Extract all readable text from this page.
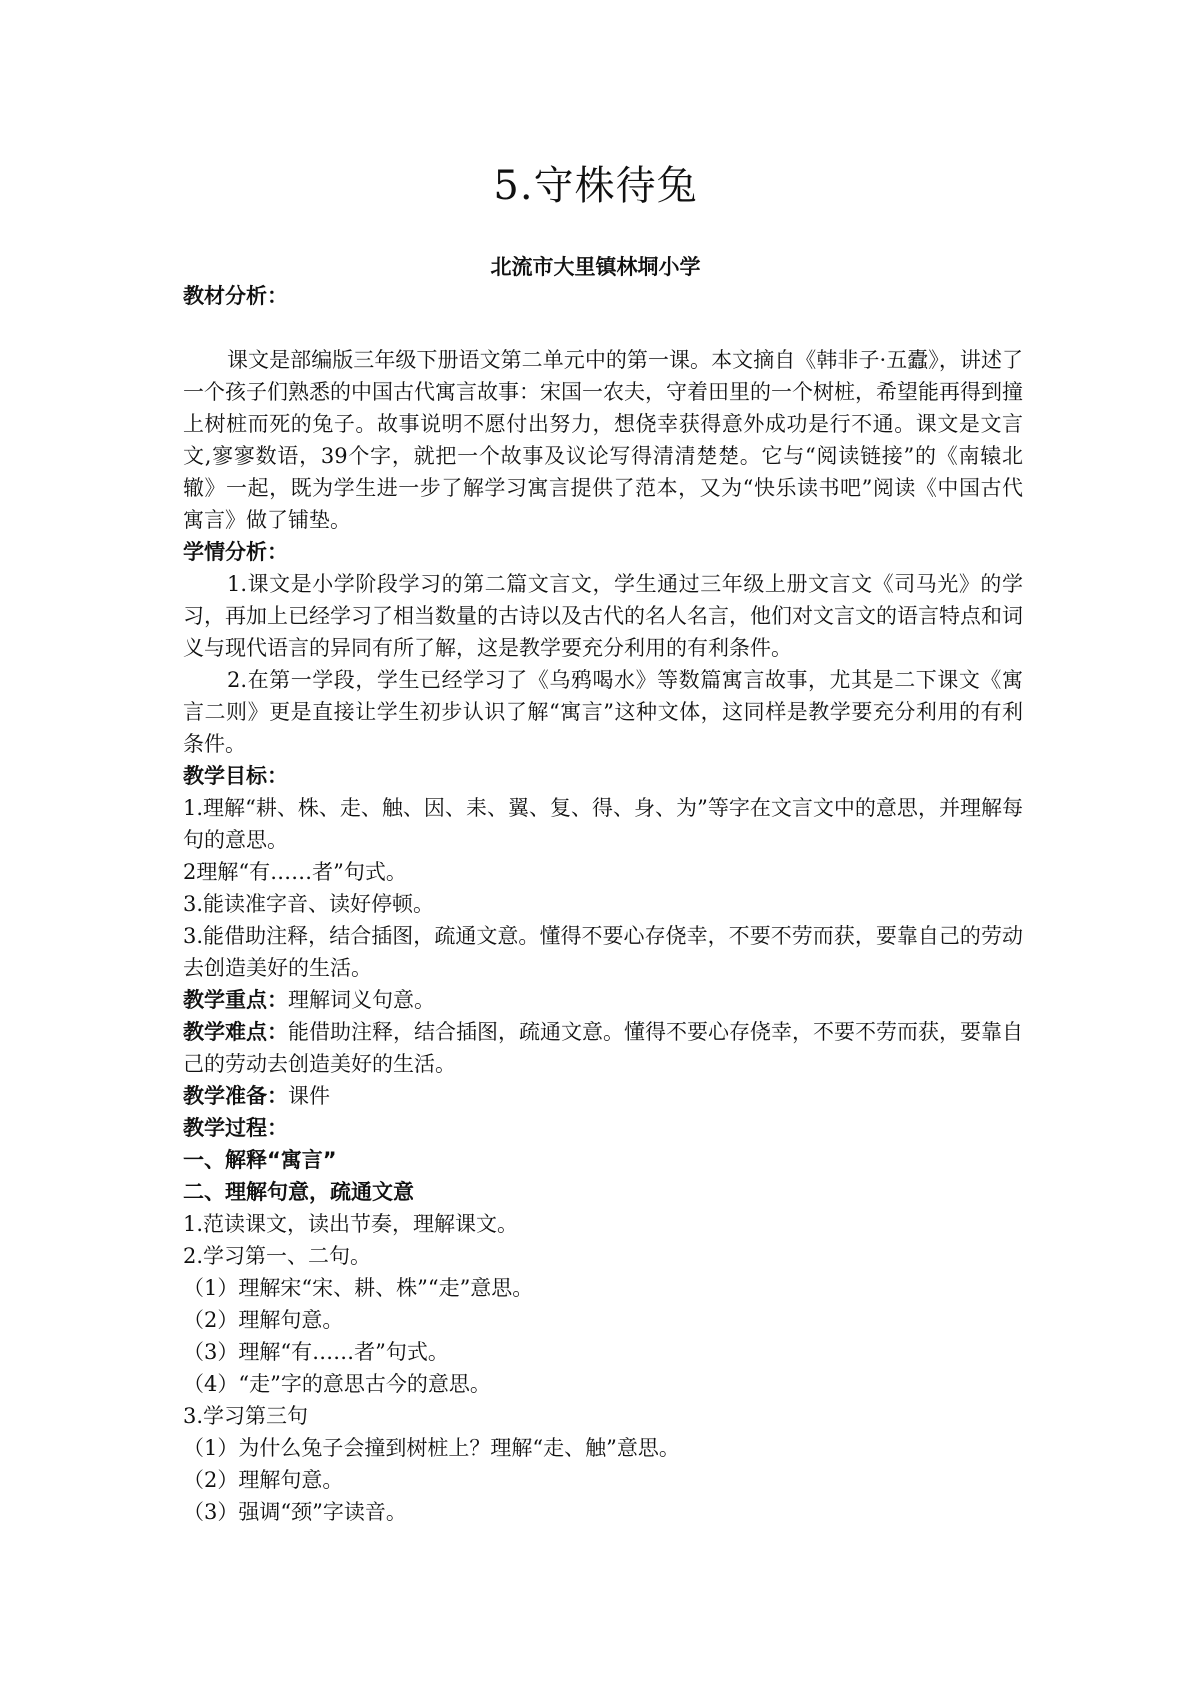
5.守株待兔
北流市大里镇林垌小学

教材分析：

课文是部编版三年级下册语文第二单元中的第一课。本文摘自《韩非子·五蠹》，讲述了一个孩子们熟悉的中国古代寓言故事：宋国一农夫，守着田里的一个树桩，希望能再得到撞上树桩而死的兔子。故事说明不愿付出努力，想侥幸获得意外成功是行不通。课文是文言文,寥寥数语，39个字，就把一个故事及议论写得清清楚楚。它与“阅读链接”的《南辕北辙》一起，既为学生进一步了解学习寓言提供了范本，又为“快乐读书吧”阅读《中国古代寓言》做了铺垫。

学情分析：

1.课文是小学阶段学习的第二篇文言文，学生通过三年级上册文言文《司马光》的学习，再加上已经学习了相当数量的古诗以及古代的名人名言，他们对文言文的语言特点和词义与现代语言的异同有所了解，这是教学要充分利用的有利条件。

2.在第一学段，学生已经学习了《乌鸦喝水》等数篇寓言故事，尤其是二下课文《寓言二则》更是直接让学生初步认识了解“寓言”这种文体，这同样是教学要充分利用的有利条件。

教学目标：

1.理解“耕、株、走、触、因、耒、翼、复、得、身、为”等字在文言文中的意思，并理解每句的意思。

2理解“有……者”句式。

3.能读准字音、读好停顿。

3.能借助注释，结合插图，疏通文意。懂得不要心存侥幸，不要不劳而获，要靠自己的劳动去创造美好的生活。

教学重点：理解词义句意。

教学难点：能借助注释，结合插图，疏通文意。懂得不要心存侥幸，不要不劳而获，要靠自己的劳动去创造美好的生活。

教学准备：课件

教学过程：

一、解释“寓言”

二、理解句意，疏通文意

1.范读课文，读出节奏，理解课文。

2.学习第一、二句。

（1）理解宋“宋、耕、株”“走”意思。

（2）理解句意。

（3）理解“有……者”句式。

（4）“走”字的意思古今的意思。

3.学习第三句

（1）为什么兔子会撞到树桩上？理解“走、触”意思。

（2）理解句意。

（3）强调“颈”字读音。
